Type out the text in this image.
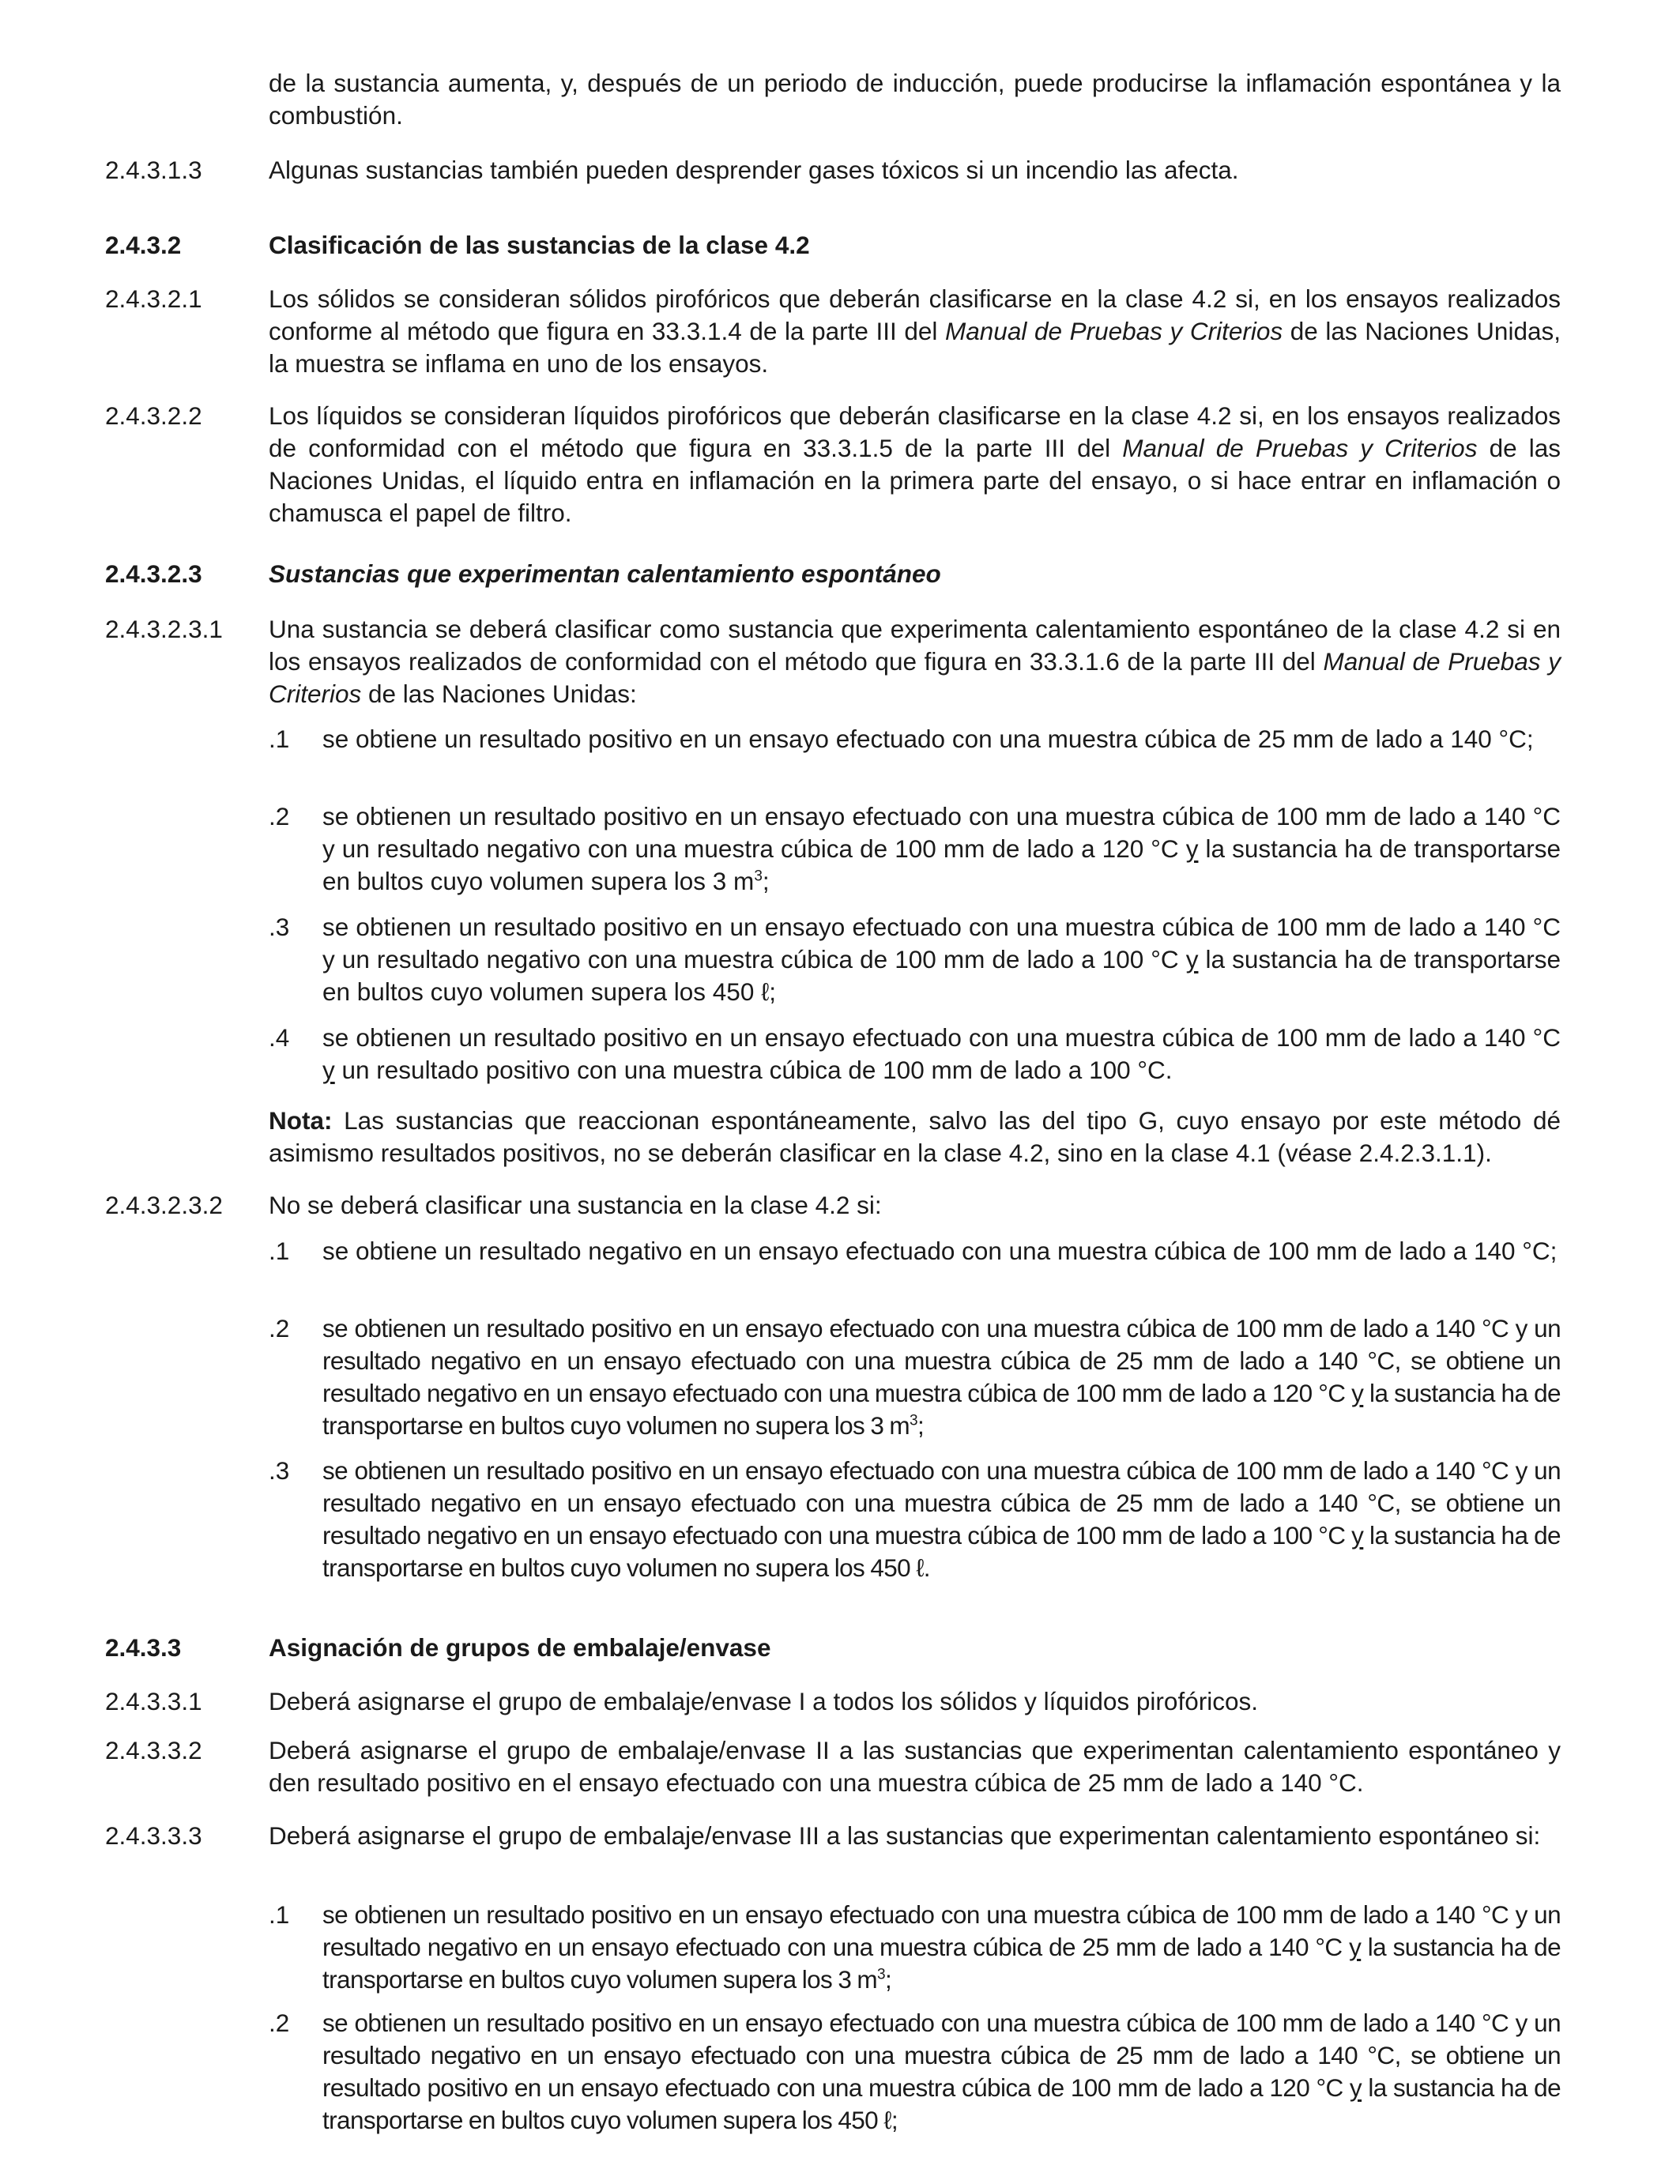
de la sustancia aumenta, y, después de un periodo de inducción, puede producirse la inflamación espontánea y la combustión.
2.4.3.1.3	Algunas sustancias también pueden desprender gases tóxicos si un incendio las afecta.
2.4.3.2	Clasificación de las sustancias de la clase 4.2
2.4.3.2.1	Los sólidos se consideran sólidos pirofóricos que deberán clasificarse en la clase 4.2 si, en los ensayos realizados conforme al método que figura en 33.3.1.4 de la parte III del Manual de Pruebas y Criterios de las Naciones Unidas, la muestra se inflama en uno de los ensayos.
2.4.3.2.2	Los líquidos se consideran líquidos pirofóricos que deberán clasificarse en la clase 4.2 si, en los ensayos realizados de conformidad con el método que figura en 33.3.1.5 de la parte III del Manual de Pruebas y Criterios de las Naciones Unidas, el líquido entra en inflamación en la primera parte del ensayo, o si hace entrar en inflamación o chamusca el papel de filtro.
2.4.3.2.3	Sustancias que experimentan calentamiento espontáneo
2.4.3.2.3.1 Una sustancia se deberá clasificar como sustancia que experimenta calentamiento espontáneo de la clase 4.2 si en los ensayos realizados de conformidad con el método que figura en 33.3.1.6 de la parte III del Manual de Pruebas y Criterios de las Naciones Unidas:
.1 se obtiene un resultado positivo en un ensayo efectuado con una muestra cúbica de 25 mm de lado a 140 °C;
.2 se obtienen un resultado positivo en un ensayo efectuado con una muestra cúbica de 100 mm de lado a 140 °C y un resultado negativo con una muestra cúbica de 100 mm de lado a 120 °C y la sustancia ha de transportarse en bultos cuyo volumen supera los 3 $m^3$;
.3 se obtienen un resultado positivo en un ensayo efectuado con una muestra cúbica de 100 mm de lado a 140 °C y un resultado negativo con una muestra cúbica de 100 mm de lado a 100 °C y la sustancia ha de transportarse en bultos cuyo volumen supera los 450 ℓ;
.4 se obtienen un resultado positivo en un ensayo efectuado con una muestra cúbica de 100 mm de lado a 140 °C y un resultado positivo con una muestra cúbica de 100 mm de lado a 100 °C.
Nota: Las sustancias que reaccionan espontáneamente, salvo las del tipo G, cuyo ensayo por este método dé asimismo resultados positivos, no se deberán clasificar en la clase 4.2, sino en la clase 4.1 (véase 2.4.2.3.1.1).
2.4.3.2.3.2 No se deberá clasificar una sustancia en la clase 4.2 si:
.1 se obtiene un resultado negativo en un ensayo efectuado con una muestra cúbica de 100 mm de lado a 140 °C;
.2 se obtienen un resultado positivo en un ensayo efectuado con una muestra cúbica de 100 mm de lado a 140 °C y un resultado negativo en un ensayo efectuado con una muestra cúbica de 25 mm de lado a 140 °C, se obtiene un resultado negativo en un ensayo efectuado con una muestra cúbica de 100 mm de lado a 120 °C y la sustancia ha de transportarse en bultos cuyo volumen no supera los 3 $m^3$;
.3 se obtienen un resultado positivo en un ensayo efectuado con una muestra cúbica de 100 mm de lado a 140 °C y un resultado negativo en un ensayo efectuado con una muestra cúbica de 25 mm de lado a 140 °C, se obtiene un resultado negativo en un ensayo efectuado con una muestra cúbica de 100 mm de lado a 100 °C y la sustancia ha de transportarse en bultos cuyo volumen no supera los 450 ℓ.
2.4.3.3	Asignación de grupos de embalaje/envase
2.4.3.3.1	Deberá asignarse el grupo de embalaje/envase I a todos los sólidos y líquidos pirofóricos.
2.4.3.3.2	Deberá asignarse el grupo de embalaje/envase II a las sustancias que experimentan calentamiento espontáneo y den resultado positivo en el ensayo efectuado con una muestra cúbica de 25 mm de lado a 140 °C.
2.4.3.3.3	Deberá asignarse el grupo de embalaje/envase III a las sustancias que experimentan calentamiento espontáneo si:
.1 se obtienen un resultado positivo en un ensayo efectuado con una muestra cúbica de 100 mm de lado a 140 °C y un resultado negativo en un ensayo efectuado con una muestra cúbica de 25 mm de lado a 140 °C y la sustancia ha de transportarse en bultos cuyo volumen supera los 3 $m^3$;
.2 se obtienen un resultado positivo en un ensayo efectuado con una muestra cúbica de 100 mm de lado a 140 °C y un resultado negativo en un ensayo efectuado con una muestra cúbica de 25 mm de lado a 140 °C, se obtiene un resultado positivo en un ensayo efectuado con una muestra cúbica de 100 mm de lado a 120 °C y la sustancia ha de transportarse en bultos cuyo volumen supera los 450 ℓ;
